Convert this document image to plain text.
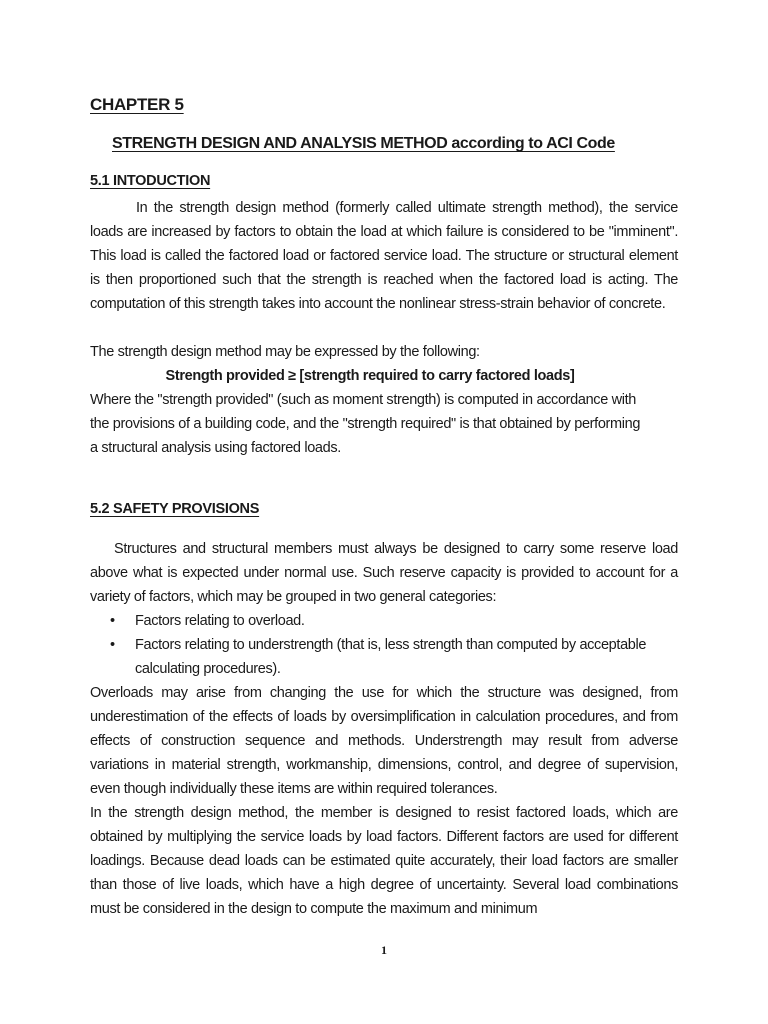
CHAPTER 5
STRENGTH DESIGN AND ANALYSIS METHOD according to ACI Code
5.1 INTODUCTION
In the strength design method (formerly called ultimate strength method), the service loads are increased by factors to obtain the load at which failure is considered to be "imminent". This load is called the factored load or factored service load. The structure or structural element is then proportioned such that the strength is reached when the factored load is acting. The computation of this strength takes into account the nonlinear stress-strain behavior of concrete.
The strength design method may be expressed by the following:
Strength provided ≥ [strength required to carry factored loads]
Where the "strength provided" (such as moment strength) is computed in accordance with
the provisions of a building code, and the "strength required" is that obtained by performing
a structural analysis using factored loads.
5.2 SAFETY PROVISIONS
Structures and structural members must always be designed to carry some reserve load above what is expected under normal use. Such reserve capacity is provided to account for a variety of factors, which may be grouped in two general categories:
• Factors relating to overload.
• Factors relating to understrength (that is, less strength than computed by acceptable calculating procedures).
Overloads may arise from changing the use for which the structure was designed, from underestimation of the effects of loads by oversimplification in calculation procedures, and from effects of construction sequence and methods. Understrength may result from adverse variations in material strength, workmanship, dimensions, control, and degree of supervision, even though individually these items are within required tolerances.
In the strength design method, the member is designed to resist factored loads, which are obtained by multiplying the service loads by load factors. Different factors are used for different loadings. Because dead loads can be estimated quite accurately, their load factors are smaller than those of live loads, which have a high degree of uncertainty. Several load combinations must be considered in the design to compute the maximum and minimum
1
